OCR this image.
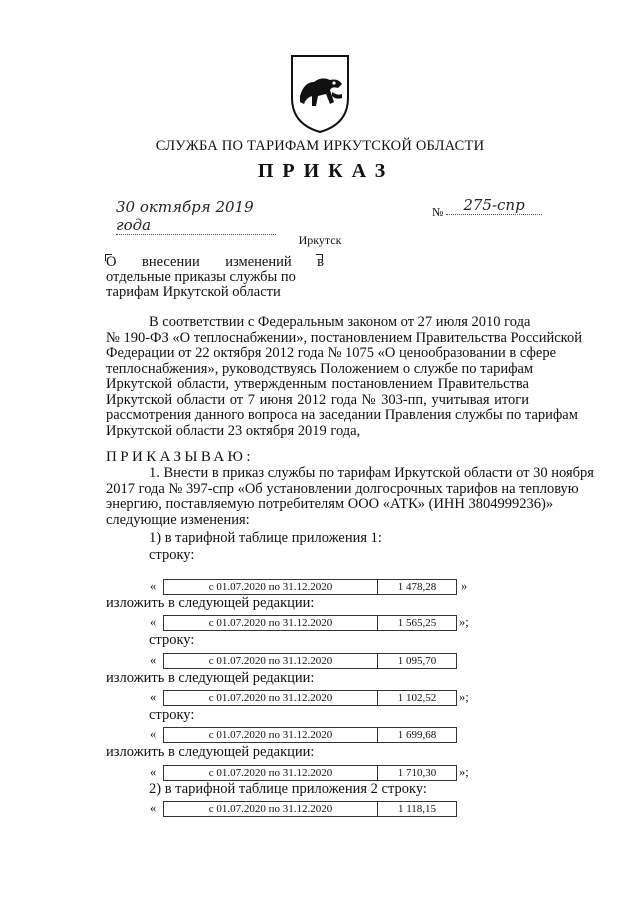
СЛУЖБА ПО ТАРИФАМ ИРКУТСКОЙ ОБЛАСТИ
ПРИКАЗ
30 октября 2019 года
№	275-спр
Иркутск
О внесении изменений в
отдельные приказы службы по
тарифам Иркутской области
В соответствии с Федеральным законом от 27 июля 2010 года
№ 190-ФЗ «О теплоснабжении», постановлением Правительства Российской
Федерации от 22 октября 2012 года № 1075 «О ценообразовании в сфере
теплоснабжения», руководствуясь Положением о службе по тарифам
Иркутской области, утвержденным постановлением Правительства
Иркутской области от 7 июня 2012 года № 303-пп, учитывая итоги
рассмотрения данного вопроса на заседании Правления службы по тарифам
Иркутской области 23 октября 2019 года,
ПРИКАЗЫВАЮ:
1. Внести в приказ службы по тарифам Иркутской области от 30 ноября
2017 года № 397-спр «Об установлении долгосрочных тарифов на тепловую
энергию, поставляемую потребителям ООО «АТК» (ИНН 3804999236)»
следующие изменения:
1) в тарифной таблице приложения 1:
строку:
«	с 01.07.2020 по 31.12.2020	1 478,28	»
изложить в следующей редакции:
«	с 01.07.2020 по 31.12.2020	1 565,25	»;
строку:
«	с 01.07.2020 по 31.12.2020	1 095,70
изложить в следующей редакции:
«	с 01.07.2020 по 31.12.2020	1 102,52	»;
строку:
«	с 01.07.2020 по 31.12.2020	1 699,68
изложить в следующей редакции:
«	с 01.07.2020 по 31.12.2020	1 710,30	»;
2) в тарифной таблице приложения 2 строку:
«	с 01.07.2020 по 31.12.2020	1 118,15
